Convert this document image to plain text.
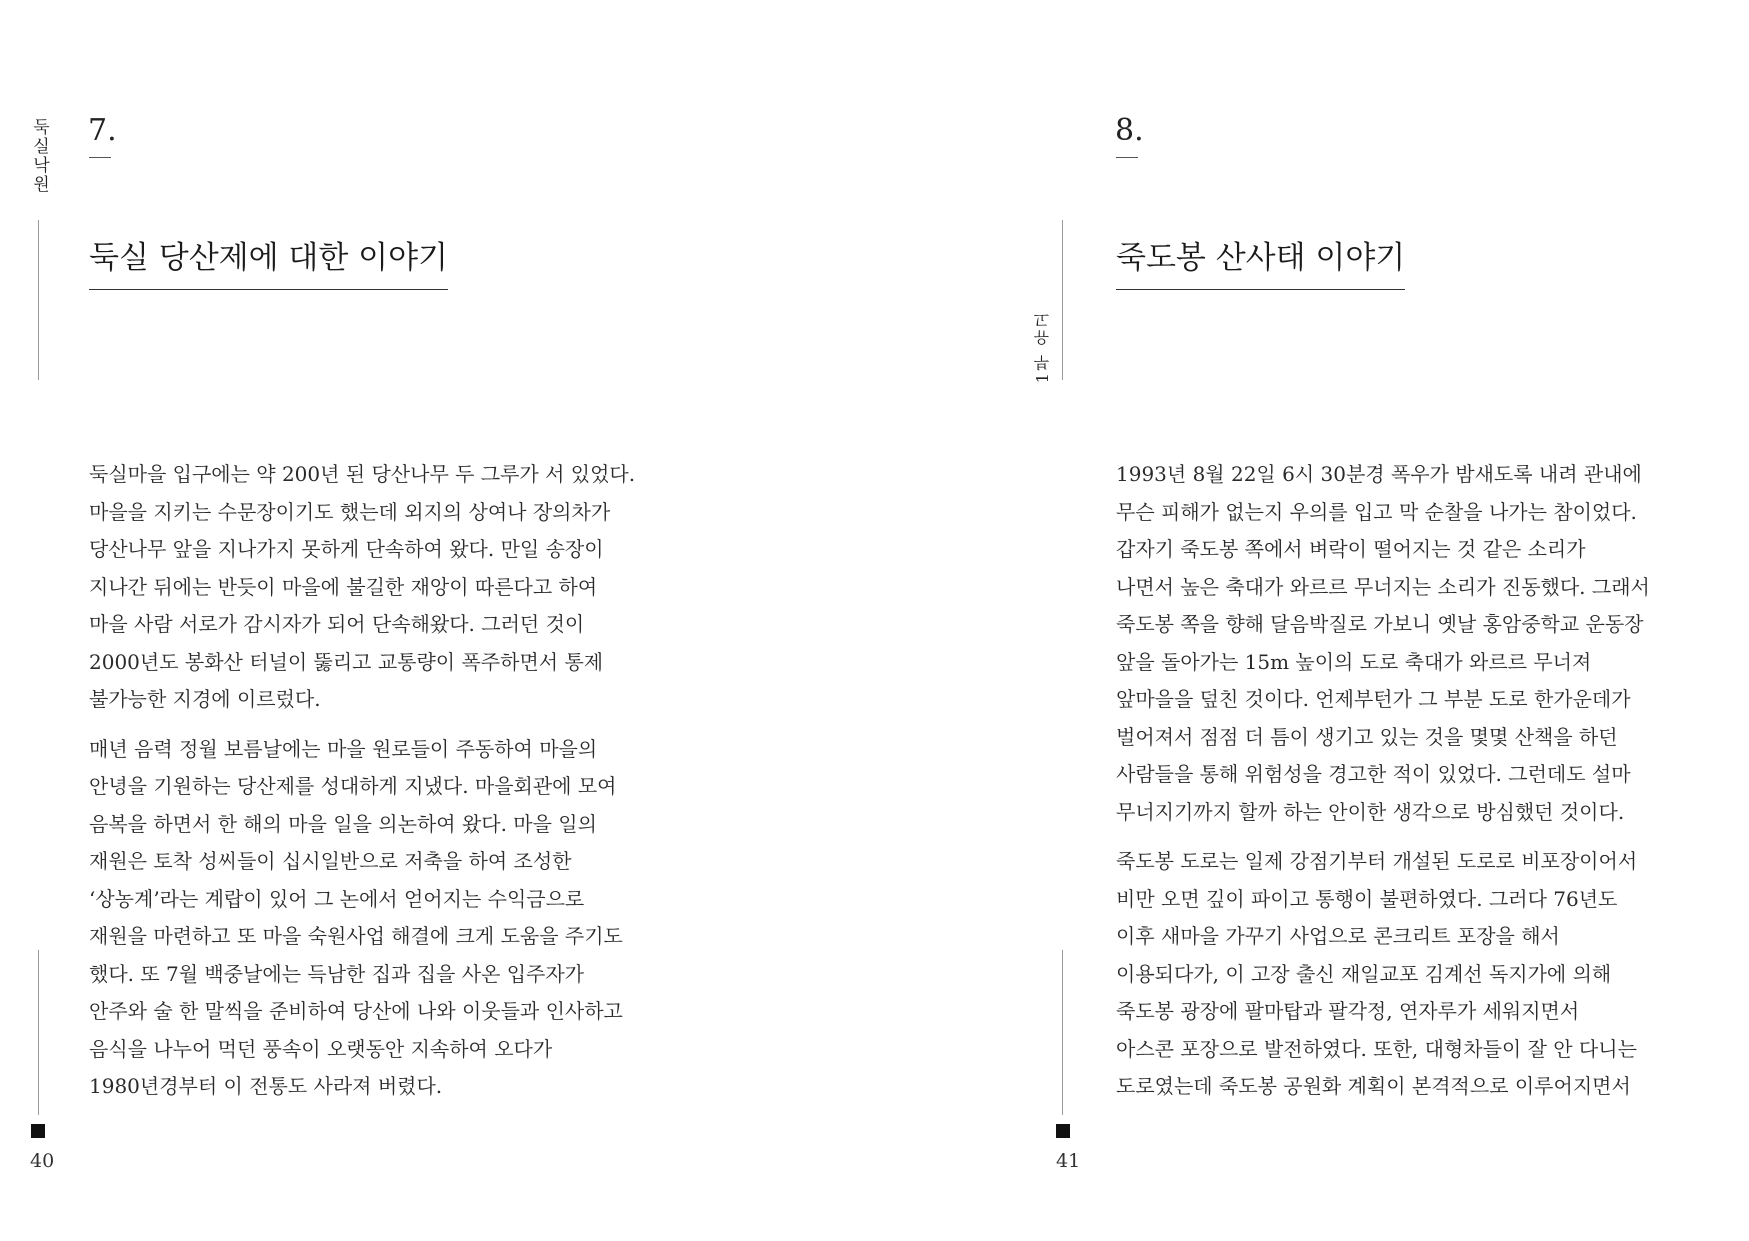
둑실낙원 7.
둑실 당산제에 대한 이야기

둑실마을 입구에는 약 200년 된 당산나무 두 그루가 서 있었다.
마을을 지키는 수문장이기도 했는데 외지의 상여나 장의차가
당산나무 앞을 지나가지 못하게 단속하여 왔다. 만일 송장이
지나간 뒤에는 반듯이 마을에 불길한 재앙이 따른다고 하여
마을 사람 서로가 감시자가 되어 단속해왔다. 그러던 것이
2000년도 봉화산 터널이 뚫리고 교통량이 폭주하면서 통제
불가능한 지경에 이르렀다.

매년 음력 정월 보름날에는 마을 원로들이 주동하여 마을의
안녕을 기원하는 당산제를 성대하게 지냈다. 마을회관에 모여
음복을 하면서 한 해의 마을 일을 의논하여 왔다. 마을 일의
재원은 토착 성씨들이 십시일반으로 저축을 하여 조성한
‘상농계’라는 계랍이 있어 그 논에서 얻어지는 수익금으로
재원을 마련하고 또 마을 숙원사업 해결에 크게 도움을 주기도
했다. 또 7월 백중날에는 득남한 집과 집을 사온 입주자가
안주와 술 한 말씩을 준비하여 당산에 나와 이웃들과 인사하고
음식을 나누어 먹던 풍속이 오랫동안 지속하여 오다가
1980년경부터 이 전통도 사라져 버렸다.

40
1부 유고
8.
죽도봉 산사태 이야기

1993년 8월 22일 6시 30분경 폭우가 밤새도록 내려 관내에
무슨 피해가 없는지 우의를 입고 막 순찰을 나가는 참이었다.
갑자기 죽도봉 쪽에서 벼락이 떨어지는 것 같은 소리가
나면서 높은 축대가 와르르 무너지는 소리가 진동했다. 그래서
죽도봉 쪽을 향해 달음박질로 가보니 옛날 홍암중학교 운동장
앞을 돌아가는 15m 높이의 도로 축대가 와르르 무너져
앞마을을 덮친 것이다. 언제부턴가 그 부분 도로 한가운데가
벌어져서 점점 더 틈이 생기고 있는 것을 몇몇 산책을 하던
사람들을 통해 위험성을 경고한 적이 있었다. 그런데도 설마
무너지기까지 할까 하는 안이한 생각으로 방심했던 것이다.

죽도봉 도로는 일제 강점기부터 개설된 도로로 비포장이어서
비만 오면 깊이 파이고 통행이 불편하였다. 그러다 76년도
이후 새마을 가꾸기 사업으로 콘크리트 포장을 해서
이용되다가, 이 고장 출신 재일교포 김계선 독지가에 의해
죽도봉 광장에 팔마탑과 팔각정, 연자루가 세워지면서
아스콘 포장으로 발전하였다. 또한, 대형차들이 잘 안 다니는
도로였는데 죽도봉 공원화 계획이 본격적으로 이루어지면서

41
